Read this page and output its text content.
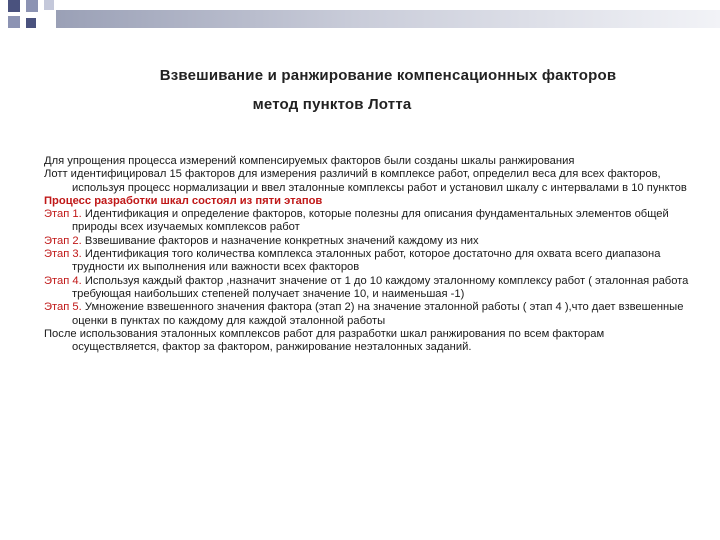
Взвешивание и ранжирование компенсационных факторов
метод пунктов Лотта

Для упрощения процесса измерений компенсируемых факторов были созданы шкалы ранжирования

Лотт идентифицировал 15 факторов для измерения различий в комплексе работ, определил веса для всех факторов, используя процесс нормализации и ввел эталонные комплексы работ и установил шкалу с интервалами в 10 пунктов

Процесс разработки шкал состоял из пяти этапов

Этап 1. Идентификация и определение факторов, которые полезны для описания фундаментальных элементов общей природы всех изучаемых комплексов работ

Этап 2. Взвешивание факторов и назначение конкретных значений каждому из них

Этап 3. Идентификация того количества комплекса эталонных работ, которое достаточно для охвата всего диапазона трудности их выполнения или важности всех факторов

Этап 4. Используя каждый фактор ,назначит значение от 1 до 10 каждому эталонному комплексу работ ( эталонная работа требующая наибольших степеней получает значение 10, и наименьшая -1)

Этап 5. Умножение взвешенного значения фактора (этап 2) на значение эталонной работы ( этап 4 ),что дает взвешенные оценки в пунктах по каждому для каждой эталонной работы

После использования эталонных комплексов работ для разработки шкал ранжирования по всем факторам осуществляется, фактор за фактором, ранжирование неэталонных заданий.
